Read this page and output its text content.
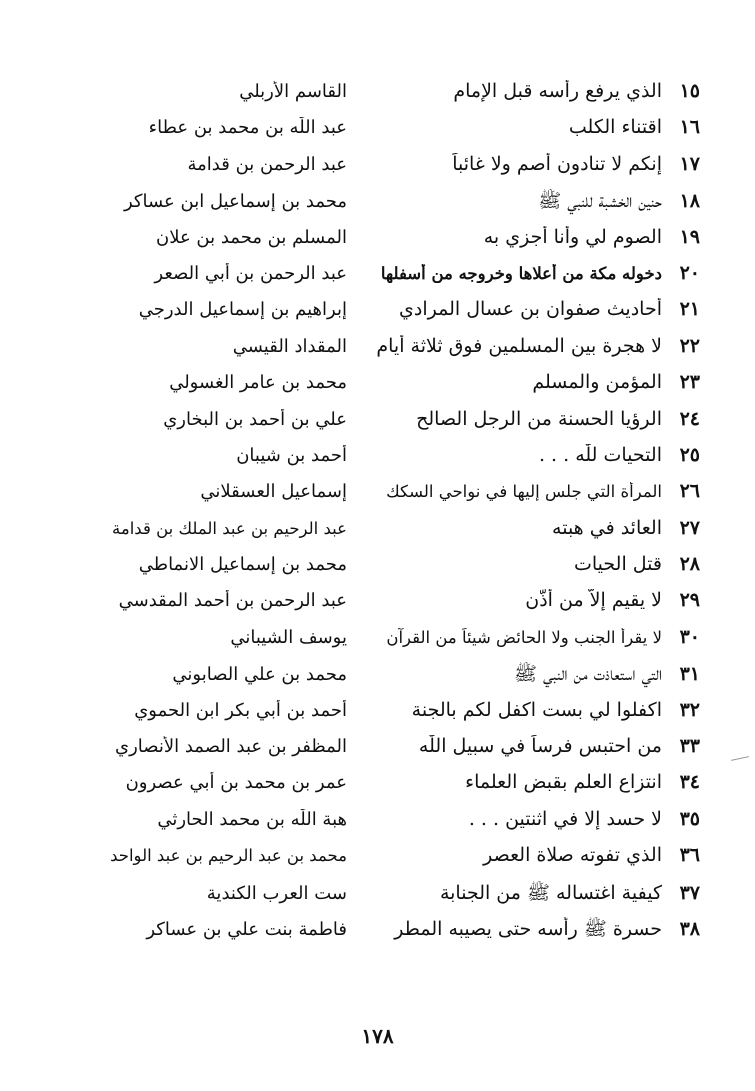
١٥
الذي يرفع رأسه قبل الإمام
القاسم الأربلي
١٦
اقتناء الكلب
عبد اللّٰه بن محمد بن عطاء
١٧
إنكم لا تنادون أصم ولا غائباً
عبد الرحمن بن قدامة
١٨
حنين الخشبة للنبي ﷺ
محمد بن إسماعيل ابن عساكر
١٩
الصوم لي وأنا أجزي به
المسلم بن محمد بن علان
٢٠
دخوله مكة من أعلاها وخروجه من أسفلها
عبد الرحمن بن أبي الصعر
٢١
أحاديث صفوان بن عسال المرادي
إبراهيم بن إسماعيل الدرجي
٢٢
لا هجرة بين المسلمين فوق ثلاثة أيام
المقداد القيسي
٢٣
المؤمن والمسلم
محمد بن عامر الغسولي
٢٤
الرؤيا الحسنة من الرجل الصالح
علي بن أحمد بن البخاري
٢٥
التحيات للّٰه . . .
أحمد بن شيبان
٢٦
المرأة التي جلس إليها في نواحي السكك
إسماعيل العسقلاني
٢٧
العائد في هبته
عبد الرحيم بن عبد الملك بن قدامة
٢٨
قتل الحيات
محمد بن إسماعيل الانماطي
٢٩
لا يقيم إلاّ من أذّن
عبد الرحمن بن أحمد المقدسي
٣٠
لا يقرأ الجنب ولا الحائض شيئاً من القرآن
يوسف الشيباني
٣١
التي استعاذت من النبي ﷺ
محمد بن علي الصابوني
٣٢
اكفلوا لي بست اكفل لكم بالجنة
أحمد بن أبي بكر ابن الحموي
٣٣
من احتبس فرساً في سبيل اللّٰه
المظفر بن عبد الصمد الأنصاري
٣٤
انتزاع العلم بقبض العلماء
عمر بن محمد بن أبي عصرون
٣٥
لا حسد إلا في اثنتين . . .
هبة اللّٰه بن محمد الحارثي
٣٦
الذي تفوته صلاة العصر
محمد بن عبد الرحيم بن عبد الواحد
٣٧
كيفية اغتساله ﷺ من الجنابة
ست العرب الكندية
٣٨
حسرة ﷺ رأسه حتى يصيبه المطر
فاطمة بنت علي بن عساكر
١٧٨
